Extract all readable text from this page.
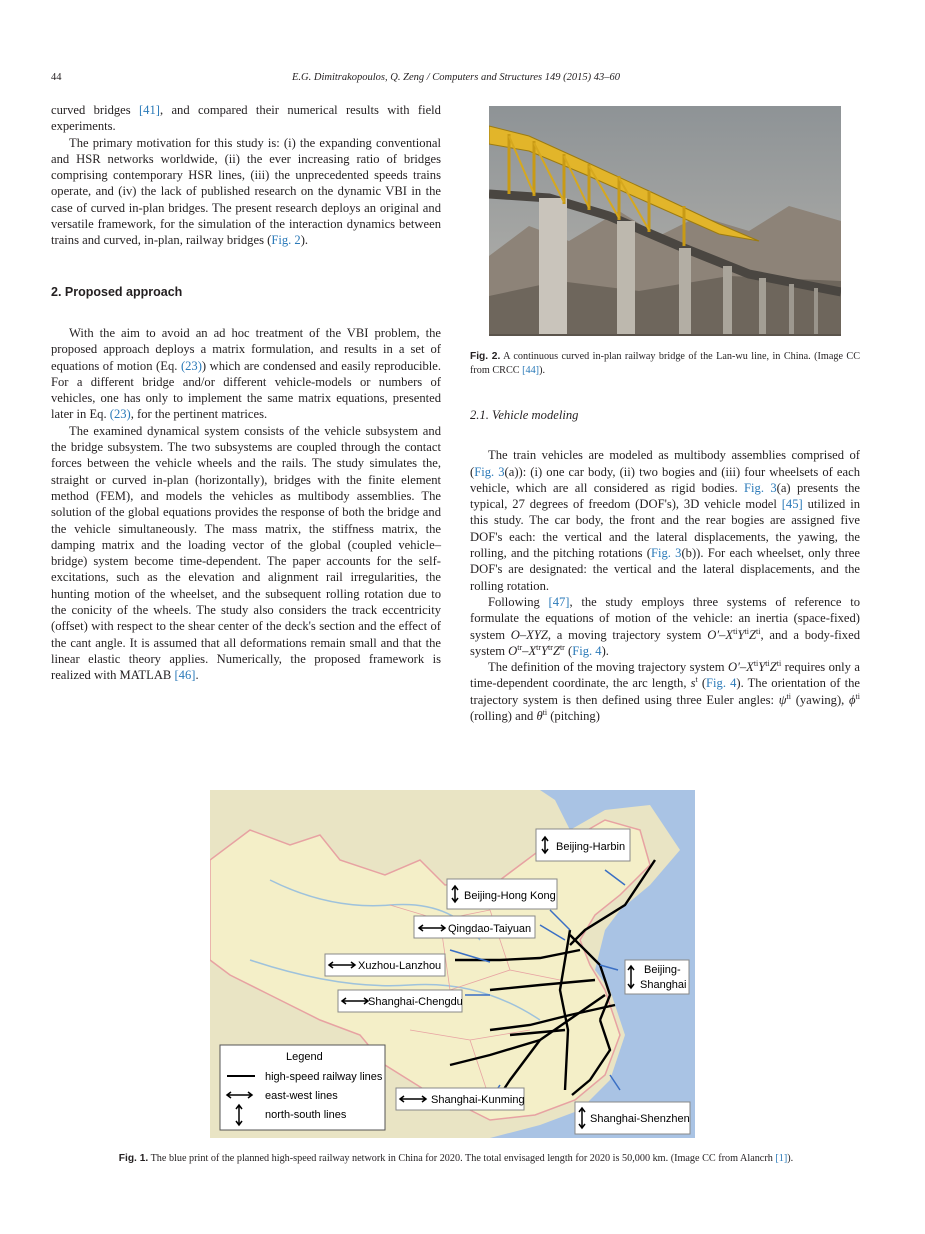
44	E.G. Dimitrakopoulos, Q. Zeng / Computers and Structures 149 (2015) 43–60

curved bridges [41], and compared their numerical results with field experiments.

The primary motivation for this study is: (i) the expanding conventional and HSR networks worldwide, (ii) the ever increasing ratio of bridges comprising contemporary HSR lines, (iii) the unprecedented speeds trains operate, and (iv) the lack of published research on the dynamic VBI in the case of curved in-plan bridges. The present research deploys an original and versatile framework, for the simulation of the interaction dynamics between trains and curved, in-plan, railway bridges (Fig. 2).

2. Proposed approach

With the aim to avoid an ad hoc treatment of the VBI problem, the proposed approach deploys a matrix formulation, and results in a set of equations of motion (Eq. (23)) which are condensed and easily reproducible. For a different bridge and/or different vehicle-models or numbers of vehicles, one has only to implement the same matrix equations, presented later in Eq. (23), for the pertinent matrices.

The examined dynamical system consists of the vehicle subsystem and the bridge subsystem. The two subsystems are coupled through the contact forces between the vehicle wheels and the rails. The study simulates the, straight or curved in-plan (horizontally), bridges with the finite element method (FEM), and models the vehicles as multibody assemblies. The solution of the global equations provides the response of both the bridge and the vehicle simultaneously. The mass matrix, the stiffness matrix, the damping matrix and the loading vector of the global (coupled vehicle–bridge) system become time-dependent. The paper accounts for the self-excitations, such as the elevation and alignment rail irregularities, the hunting motion of the wheelset, and the subsequent rolling rotation due to the conicity of the wheels. The study also considers the track eccentricity (offset) with respect to the shear center of the deck's section and the effect of the cant angle. It is assumed that all deformations remain small and that the linear elastic theory applies. Numerically, the proposed framework is realized with MATLAB [46].

Fig. 2. A continuous curved in-plan railway bridge of the Lan-wu line, in China. (Image CC from CRCC [44]).
2.1. Vehicle modeling

The train vehicles are modeled as multibody assemblies comprised of (Fig. 3(a)): (i) one car body, (ii) two bogies and (iii) four wheelsets of each vehicle, which are all considered as rigid bodies. Fig. 3(a) presents the typical, 27 degrees of freedom (DOF's), 3D vehicle model [45] utilized in this study. The car body, the front and the rear bogies are assigned five DOF's each: the vertical and the lateral displacements, the yawing, the rolling, and the pitching rotations (Fig. 3(b)). For each wheelset, only three DOF's are designated: the vertical and the lateral displacements, and the rolling rotation.

Following [47], the study employs three systems of reference to formulate the equations of motion of the vehicle: an inertia (space-fixed) system O–XYZ, a moving trajectory system $O'-X^{ti}Y^{ti}Z^{ti}$, and a body-fixed system $O^{tr}-X^{tr}Y^{tr}Z^{tr}$ (Fig. 4).

The definition of the moving trajectory system $O'-X^{ti}Y^{ti}Z^{ti}$ requires only a time-dependent coordinate, the arc length, $s^t$ (Fig. 4). The orientation of the trajectory system is then defined using three Euler angles: $\psi^{ti}$ (yawing), $\phi^{ti}$ (rolling) and $\theta^{ti}$ (pitching)

Beijing-Harbin
Beijing-Hong Kong
Qingdao-Taiyuan
Xuzhou-Lanzhou	Beijing-
Shanghai
Shanghai-Chengdu
Shanghai-Kunming
Shanghai-Shenzhen
Legend
high-speed railway lines
east-west lines
north-south lines
Fig. 1. The blue print of the planned high-speed railway network in China for 2020. The total envisaged length for 2020 is 50,000 km. (Image CC from Alancrh [1]).
